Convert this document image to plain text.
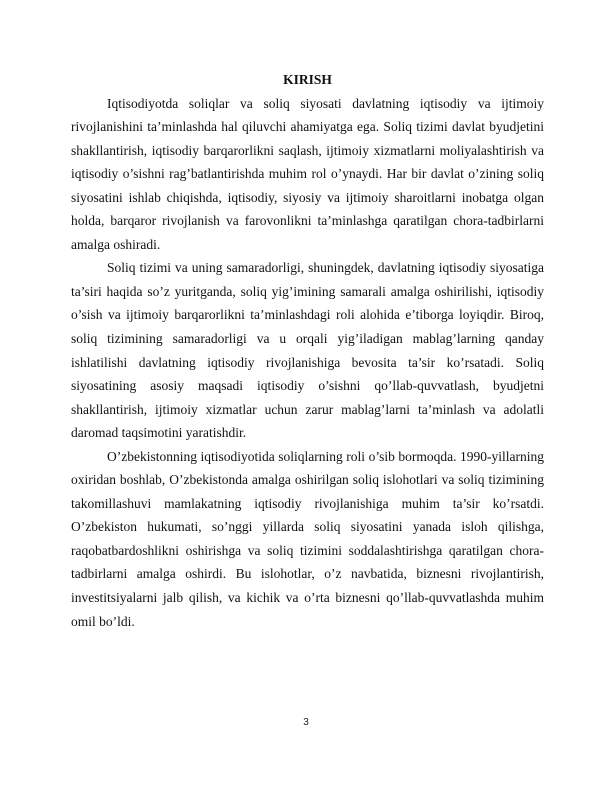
KIRISH

Iqtisodiyotda soliqlar va soliq siyosati davlatning iqtisodiy va ijtimoiy rivojlanishini ta’minlashda hal qiluvchi ahamiyatga ega. Soliq tizimi davlat byudjetini shakllantirish, iqtisodiy barqarorlikni saqlash, ijtimoiy xizmatlarni moliyalashtirish va iqtisodiy o’sishni rag’batlantirishda muhim rol o’ynaydi. Har bir davlat o’zining soliq siyosatini ishlab chiqishda, iqtisodiy, siyosiy va ijtimoiy sharoitlarni inobatga olgan holda, barqaror rivojlanish va farovonlikni ta’minlashga qaratilgan chora-tadbirlarni amalga oshiradi.

Soliq tizimi va uning samaradorligi, shuningdek, davlatning iqtisodiy siyosatiga ta’siri haqida so’z yuritganda, soliq yig’imining samarali amalga oshirilishi, iqtisodiy o’sish va ijtimoiy barqarorlikni ta’minlashdagi roli alohida e’tiborga loyiqdir. Biroq, soliq tizimining samaradorligi va u orqali yig’iladigan mablag’larning qanday ishlatilishi davlatning iqtisodiy rivojlanishiga bevosita ta’sir ko’rsatadi. Soliq siyosatining asosiy maqsadi iqtisodiy o’sishni qo’llab-quvvatlash, byudjetni shakllantirish, ijtimoiy xizmatlar uchun zarur mablag’larni ta’minlash va adolatli daromad taqsimotini yaratishdir.

O’zbekistonning iqtisodiyotida soliqlarning roli o’sib bormoqda. 1990-yillarning oxiridan boshlab, O’zbekistonda amalga oshirilgan soliq islohotlari va soliq tizimining takomillashuvi mamlakatning iqtisodiy rivojlanishiga muhim ta’sir ko’rsatdi. O’zbekiston hukumati, so’nggi yillarda soliq siyosatini yanada isloh qilishga, raqobatbardoshlikni oshirishga va soliq tizimini soddalashtirishga qaratilgan chora-tadbirlarni amalga oshirdi. Bu islohotlar, o’z navbatida, biznesni rivojlantirish, investitsiyalarni jalb qilish, va kichik va o’rta biznesni qo’llab-quvvatlashda muhim omil bo’ldi.

3
